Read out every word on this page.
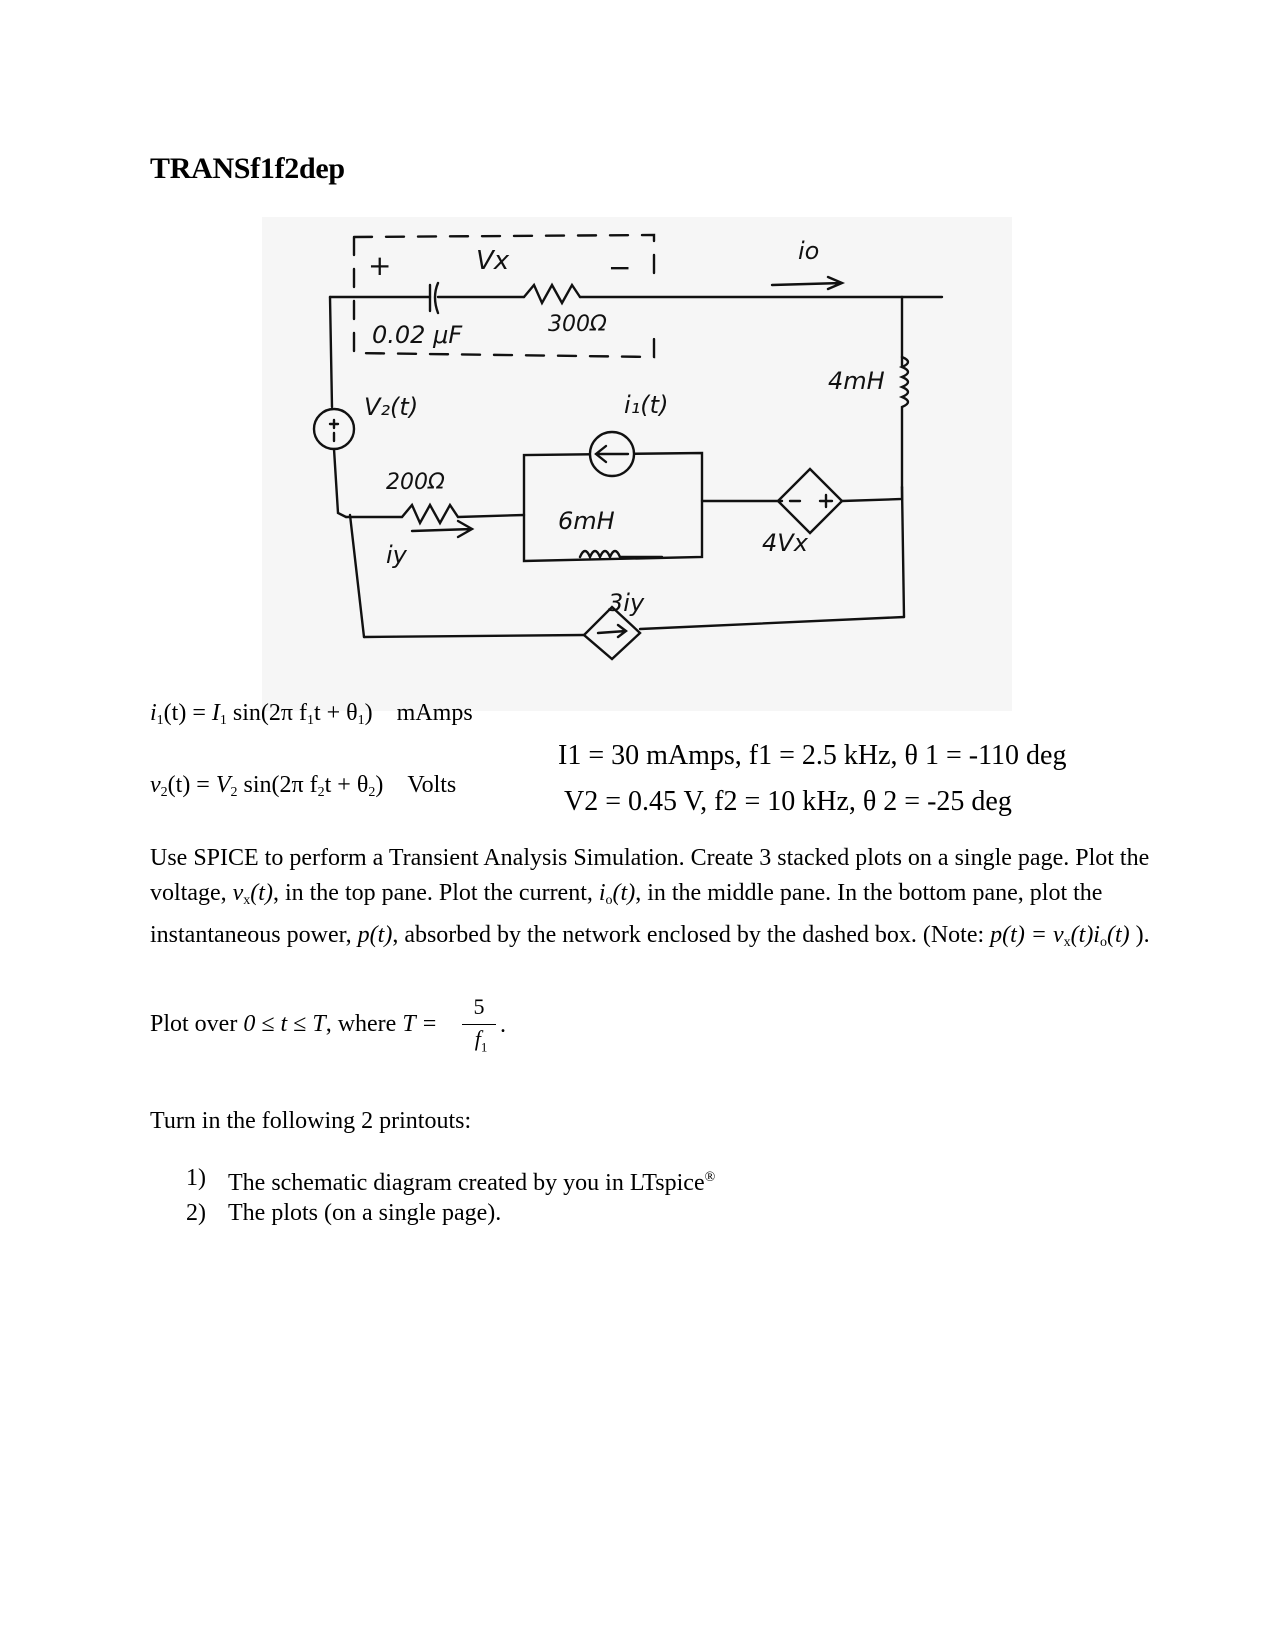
TRANSf1f2dep
+	−
Vx	io
0.02 μF	300Ω
4mH
V₂(t)	i₁(t)
200Ω
iy
6mH
4Vx
3iy
$i_1(t) = I_1$ sin(2π $f_1t + \theta_1$) mAmps
$v_2(t) = V_2$ sin(2π $f_2t + \theta_2$) Volts
I1 = 30 mAmps, f1 = 2.5 kHz, θ 1 = -110 deg
V2 = 0.45 V, f2 = 10 kHz, θ 2 = -25 deg
Use SPICE to perform a Transient Analysis Simulation. Create 3 stacked plots on a single page. Plot the voltage, $v_x(t)$, in the top pane. Plot the current, $i_o(t)$, in the middle pane. In the bottom pane, plot the instantaneous power, p(t), absorbed by the network enclosed by the dashed box. (Note: $p(t) = v_x(t)i_o(t)$ ).
Plot over 0 ≤ t ≤ T, where T =
5
$f_1$
.
Turn in the following 2 printouts:
1) The schematic diagram created by you in LTspice®
2) The plots (on a single page).
